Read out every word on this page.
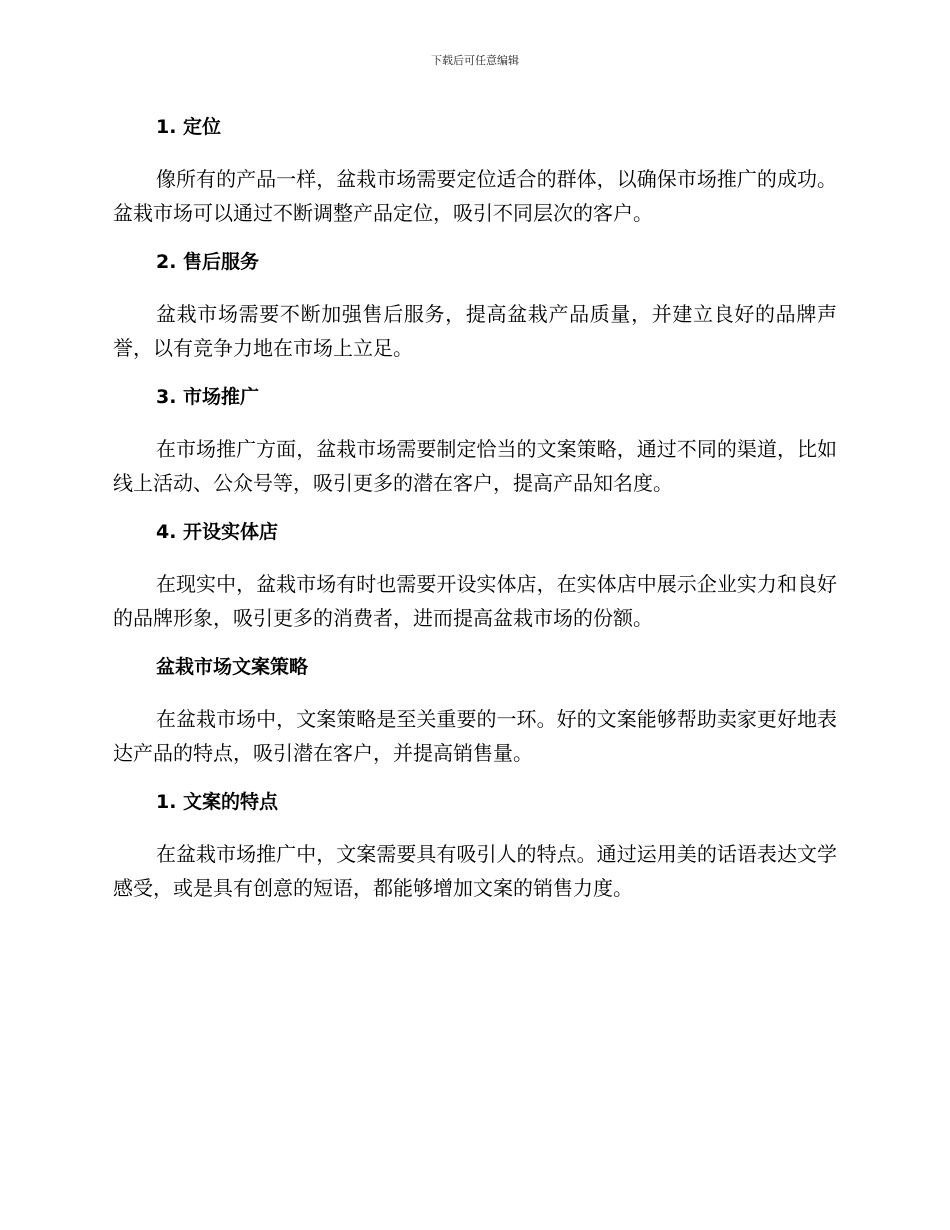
下载后可任意编辑
1. 定位

像所有的产品一样，盆栽市场需要定位适合的群体，以确保市场推广的成功。盆栽市场可以通过不断调整产品定位，吸引不同层次的客户。

2. 售后服务

盆栽市场需要不断加强售后服务，提高盆栽产品质量，并建立良好的品牌声誉，以有竞争力地在市场上立足。

3. 市场推广

在市场推广方面，盆栽市场需要制定恰当的文案策略，通过不同的渠道，比如线上活动、公众号等，吸引更多的潜在客户，提高产品知名度。

4. 开设实体店

在现实中，盆栽市场有时也需要开设实体店，在实体店中展示企业实力和良好的品牌形象，吸引更多的消费者，进而提高盆栽市场的份额。

盆栽市场文案策略

在盆栽市场中，文案策略是至关重要的一环。好的文案能够帮助卖家更好地表达产品的特点，吸引潜在客户，并提高销售量。

1. 文案的特点

在盆栽市场推广中，文案需要具有吸引人的特点。通过运用美的话语表达文学感受，或是具有创意的短语，都能够增加文案的销售力度。
